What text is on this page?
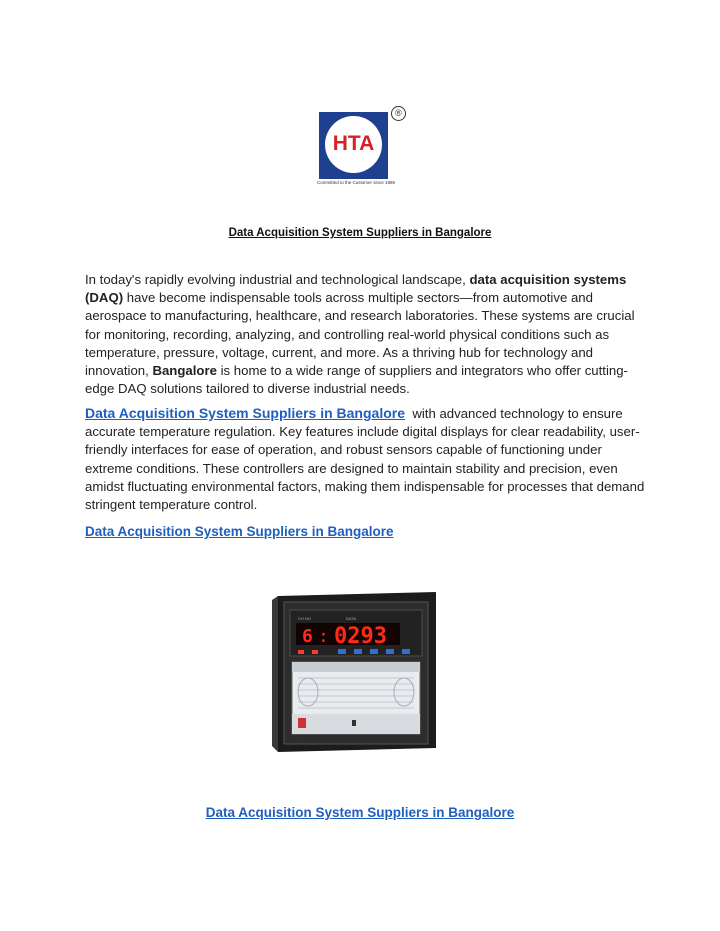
HTA
®
Committed to the Customer since 1986
Data Acquisition System Suppliers in Bangalore

In today's rapidly evolving industrial and technological landscape, data acquisition systems (DAQ) have become indispensable tools across multiple sectors—from automotive and aerospace to manufacturing, healthcare, and research laboratories. These systems are crucial for monitoring, recording, analyzing, and controlling real-world physical conditions such as temperature, pressure, voltage, current, and more. As a thriving hub for technology and innovation, Bangalore is home to a wide range of suppliers and integrators who offer cutting-edge DAQ solutions tailored to diverse industrial needs.

Data Acquisition System Suppliers in Bangalore  with advanced technology to ensure accurate temperature regulation. Key features include digital displays for clear readability, user-friendly interfaces for ease of operation, and robust sensors capable of functioning under extreme conditions. These controllers are designed to maintain stability and precision, even amidst fluctuating environmental factors, making them indispensable for processes that demand stringent temperature control.

Data Acquisition System Suppliers in Bangalore
CH NO	DATA
6 : 0293
·
Data Acquisition System Suppliers in Bangalore
